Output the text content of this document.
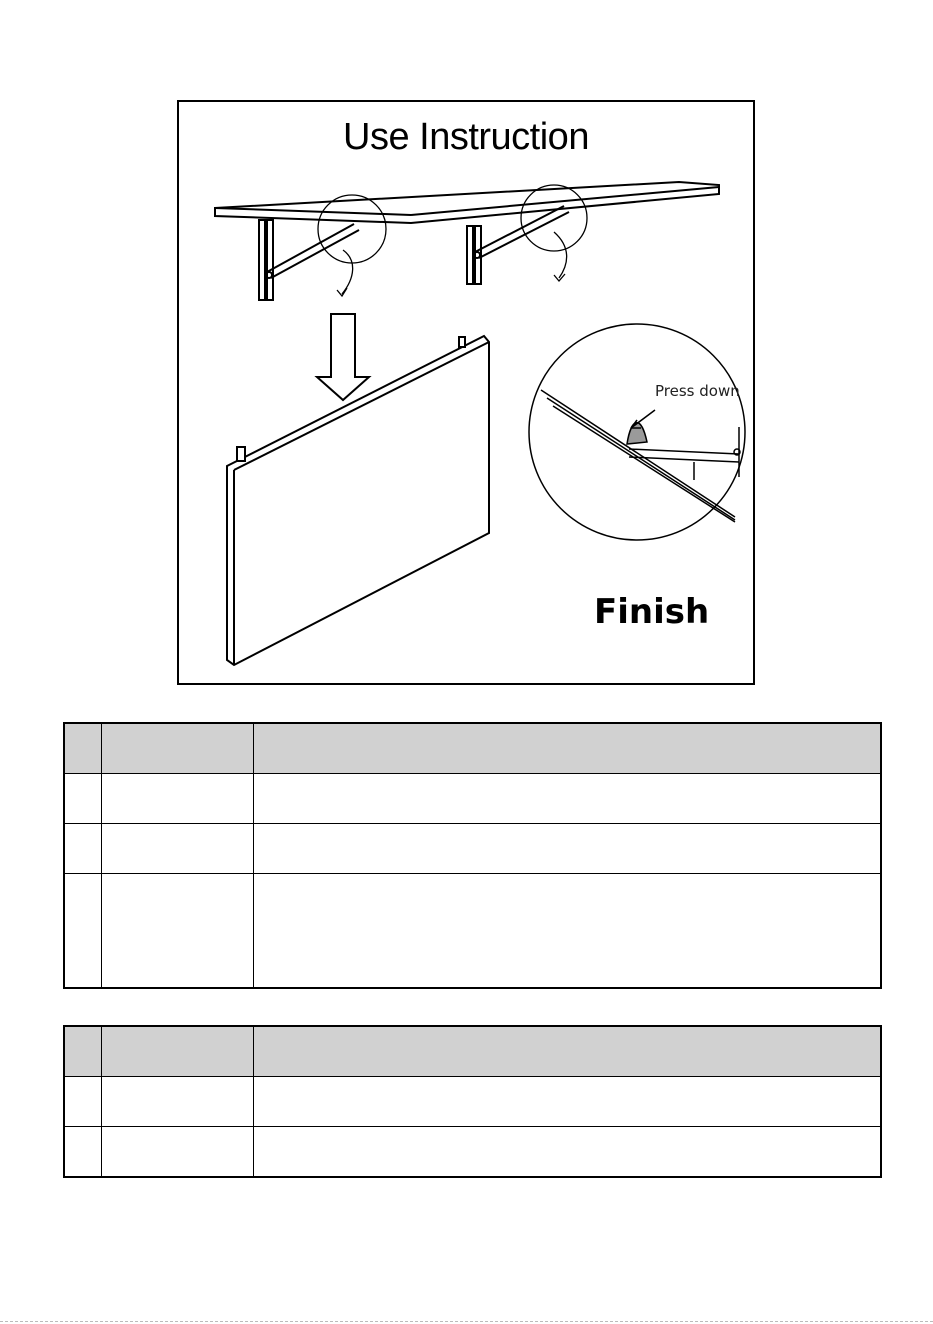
Use Instruction
Press down
Finish
